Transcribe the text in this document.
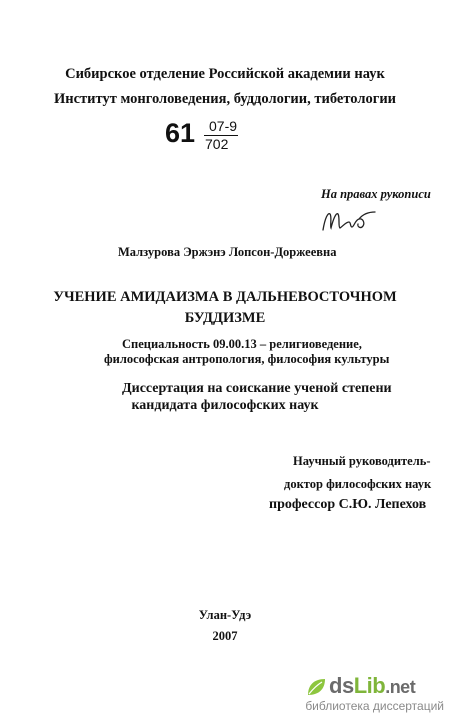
Сибирское отделение Российской академии наук
Институт монголоведения, буддологии, тибетологии
61 07-9
702
На правах рукописи
Малзурова Эржэнэ Лопсон-Доржеевна
УЧЕНИЕ АМИДАИЗМА В ДАЛЬНЕВОСТОЧНОМ
БУДДИЗМЕ
Специальность 09.00.13 – религиоведение,
философская антропология, философия культуры
Диссертация на соискание ученой степени
кандидата философских наук
Научный руководитель-
доктор философских наук
профессор С.Ю. Лепехов
Улан-Удэ
2007
dsLib.net
библиотека диссертаций
